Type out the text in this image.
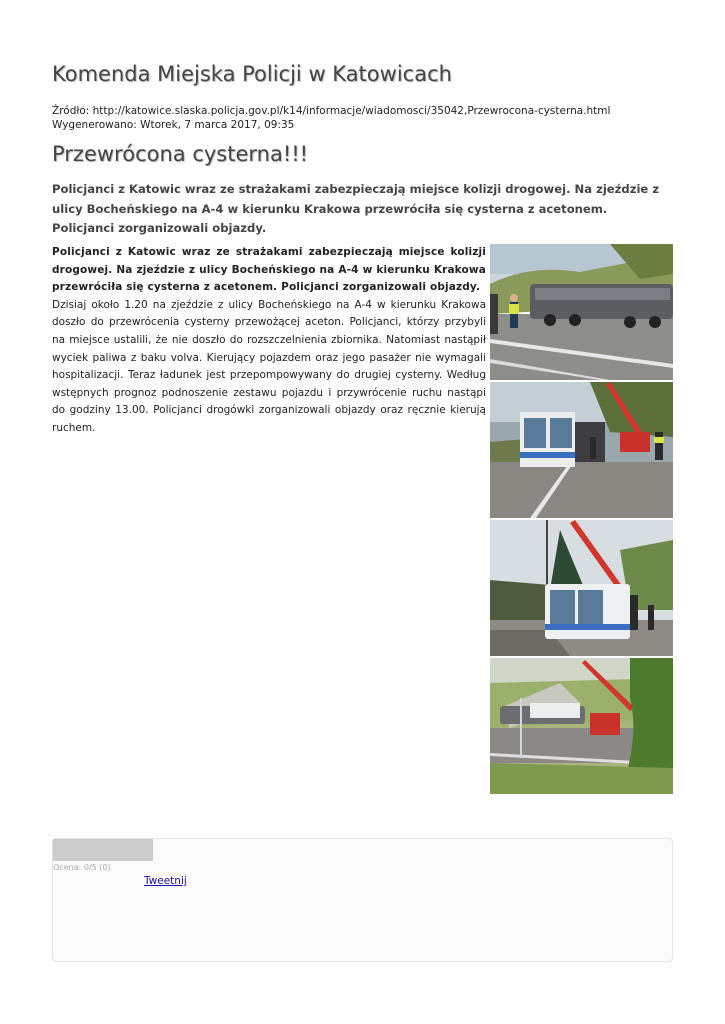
Komenda Miejska Policji w Katowicach
Źródło: http://katowice.slaska.policja.gov.pl/k14/informacje/wiadomosci/35042,Przewrocona-cysterna.html
Wygenerowano: Wtorek, 7 marca 2017, 09:35
Przewrócona cysterna!!!

Policjanci z Katowic wraz ze strażakami zabezpieczają miejsce kolizji drogowej. Na zjeździe z ulicy Bocheńskiego na A-4 w kierunku Krakowa przewróciła się cysterna z acetonem. Policjanci zorganizowali objazdy.

Policjanci z Katowic wraz ze strażakami zabezpieczają miejsce kolizji drogowej. Na zjeździe z ulicy Bocheńskiego na A-4 w kierunku Krakowa przewróciła się cysterna z acetonem. Policjanci zorganizowali objazdy.

Dzisiaj około 1.20 na zjeździe z ulicy Bocheńskiego na A-4 w kierunku Krakowa doszło do przewrócenia cysterny przewożącej aceton. Policjanci, którzy przybyli na miejsce ustalili, że nie doszło do rozszczelnienia zbiornika. Natomiast nastąpił wyciek paliwa z baku volva. Kierujący pojazdem oraz jego pasażer nie wymagali hospitalizacji. Teraz ładunek jest przepompowywany do drugiej cysterny. Według wstępnych prognoz podnoszenie zestawu pojazdu i przywrócenie ruchu nastąpi do godziny 13.00. Policjanci drogówki zorganizowali objazdy oraz ręcznie kierują ruchem.

Ocena: 0/5 (0)
Tweetnij
